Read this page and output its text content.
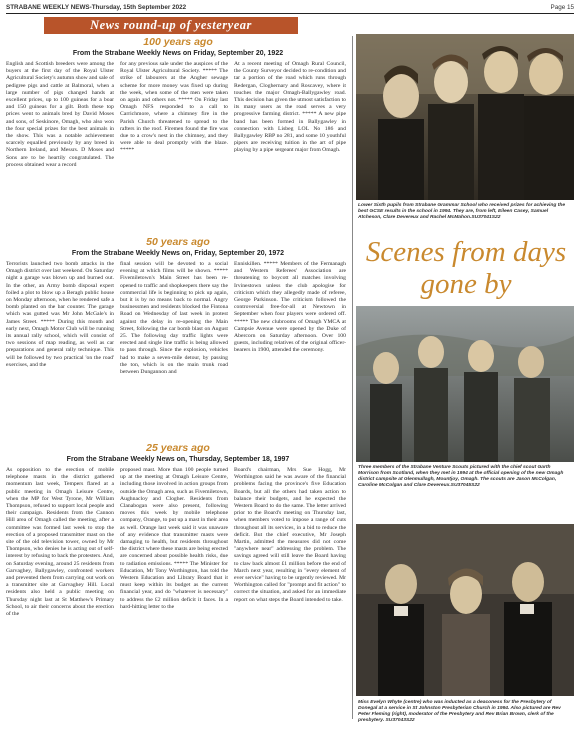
STRABANE WEEKLY NEWS-Thursday, 15th September 2022	Page 15
News round-up of yesteryear
100 years ago
From the Strabane Weekly News on Friday, September 20, 1922
English and Scottish breeders were among the buyers at the first day of the Royal Ulster Agricultural Society's autumn show and sale of pedigree pigs and cattle at Balmoral, when a large number of pigs changed hands at excellent prices, up to 100 guineas for a boar and 150 guineas for a gilt. Both these top prices went to animals bred by David Moses and sons, of Seskinore, Omagh, who also won the four special prizes for the best animals in the show. This was a notable achievement scarcely equalled previously by any breed in Northern Ireland, and Messrs. D Moses and Sons are to be heartily congratulated. The process obtained wear a record
for any previous sale under the auspices of the Royal Ulster Agricultural Society. ***** The strike of labourers at the Angher sewage scheme for more money was fixed up during the week, when some of the men were taken on again and others not. ***** On Friday last Omagh NFS responded to a call to Carrichmore, where a chimney fire in the Parish Church threatened to spread to the rafters in the roof. Firemen found the fire was due to a crow's nest in the chimney, and they were able to deal promptly with the blaze. *****
At a recent meeting of Omagh Rural Council, the County Surveyor decided to re-condition and tar a portion of the road which runs through Redergan, Cloghernary and Roscavey, where it touches the major Omagh-Ballygawley road. This decision has given the utmost satisfaction to its many users as the road serves a very progressive farming district. ***** A new pipe band has been formed in Ballygawley in connection with Lisbeg LOL No 186 and Ballygawley RBP no 281, and some 10 youthful pipers are receiving tuition in the art of pipe playing by a pipe sergeant major from Omagh.
50 years ago
From the Strabane Weekly News on, Friday, September 20, 1972
Terrorists launched two bomb attacks in the Omagh district over last weekend. On Saturday night a garage was blown up and burned out. In the other, an Army bomb disposal expert foiled a plot to blow up a Beragh public house on Monday afternoon, when he rendered safe a bomb planted on the bar counter. The garage which was gutted was Mr John McGale's in James Street. ***** During this month and early next, Omagh Motor Club will be running its annual rally school, which will consist of two sessions of map reading, as well as car preparations and general rally technique. This will be followed by two practical 'on the road' exercises, and the
final session will be devoted to a social evening at which films will be shown. ***** Fivemiletown's Main Street has been re-opened to traffic and shopkeepers there say the commercial life is beginning to pick up again, but it is by no means back to normal. Angry businessmen and residents blocked the Fintona Road on Wednesday of last week in protest against the delay in re-opening the Main Street, following the car bomb blast on August 25. The following day traffic lights were erected and single line traffic is being allowed to pass through. Since the explosion, vehicles had to make a seven-mile detour, by passing the ton, which is on the main trunk road between Dungannon and
Enniskillen. ***** Members of the Fermanagh and Western Referees' Association are threatening to boycott all matches involving Irvinestown unless the club apologise for criticism which they allegedly made of referee, George Parkinson. The criticism followed the controversial free-for-all at Newtown in September when four players were ordered off. ***** The new clubrooms of Omagh YMCA at Campsie Avenue were opened by the Duke of Abercorn on Saturday afternoon. Over 100 guests, including relatives of the original officer-bearers in 1900, attended the ceremony.
25 years ago
From the Strabane Weekly News on, Thursday, September 18, 1997
As opposition to the erection of mobile telephone masts in the district gathered momentum last week, Tempers flared at a public meeting in Omagh Leisure Centre, when the MP for West Tyrone, Mr William Thompson, refused to support local people and their campaign. Residents from the Cannon Hill area of Omagh called the meeting, after a committee was formed last week to stop the erection of a proposed transmitter mast on the site of the old television tower, owned by Mr Thompson, who denies he is acting out of self-interest by refusing to back the protesters. And, on Saturday evening, around 25 residents from Garvaghey, Ballygawley, confronted workers and prevented them from carrying out work on a transmitter site at Garvaghey Hill. Local residents also held a public meeting on Thursday night last at St Matthew's Primary School, to air their concerns about the erection of the
proposed mast. More than 100 people turned up at the meeting at Omagh Leisure Centre, including those involved in action groups from outside the Omagh area, such as Fivemiletown, Aughnacloy and Clogher. Residents from Clanabogan were also present, following moves this week by mobile telephone company, Orange, to put up a mast in their area as well. Orange last week said it was unaware of any evidence that transmitter masts were damaging to health, but residents throughout the district where these masts are being erected are concerned about possible health risks, due to radiation emissions. ***** The Minister for Education, Mr Tony Worthington, has told the Western Education and Library Board that it must keep within its budget as the current financial year, and do "whatever is necessary" to address the £2 million deficit it faces. In a hard-hitting letter to the
Board's chairman, Mrs Sue Hogg, Mr Worthington said he was aware of the financial problems facing the province's five Education Boards, but all the others had taken action to balance their budgets, and he expected the Western Board to do the same. The letter arrived prior to the Board's meeting on Thursday last, when members voted to impose a range of cuts throughout all its services, in a bid to reduce the deficit. But the chief executive, Mr Joseph Martin, admitted the measures did not come "anywhere near" addressing the problem. The savings agreed will still leave the Board having to claw back almost £1 million before the end of March next year, resulting in "every element of ever service" having to be urgently reviewed. Mr Worthington called for "prompt and fit action" to correct the situation, and asked for an immediate report on what steps the Board intended to take.
Lower Sixth pupils from Strabane Grammar School who received prizes for achieving the best GCSE results in the school in 1994. They are, from left, Eileen Casey, Samuel Atcheson, Clare Devereux and Rachel McMahon.SU37041S22
Scenes from days gone by
Three members of the Strabane Venture Scouts pictured with the chief scout Garth Morrison from Scotland, when they met in 1994 at the official opening of the new Omagh district campsite at Glenmullagh, Mountjoy, Omagh. The scouts are Jason McColgan, Caroline McColgan and Clare Devereux.SU37045S22
Miss Evelyn Whyte (centre) who was inducted as a deaconess for the Presbytery of Donegal at a service in St Johnston Presbyterian Church in 1994. Also pictured are Rev Peter Fleming (right), moderator of the Presbytery and Rev Brian Brown, clerk of the presbytery. SU37043S22
